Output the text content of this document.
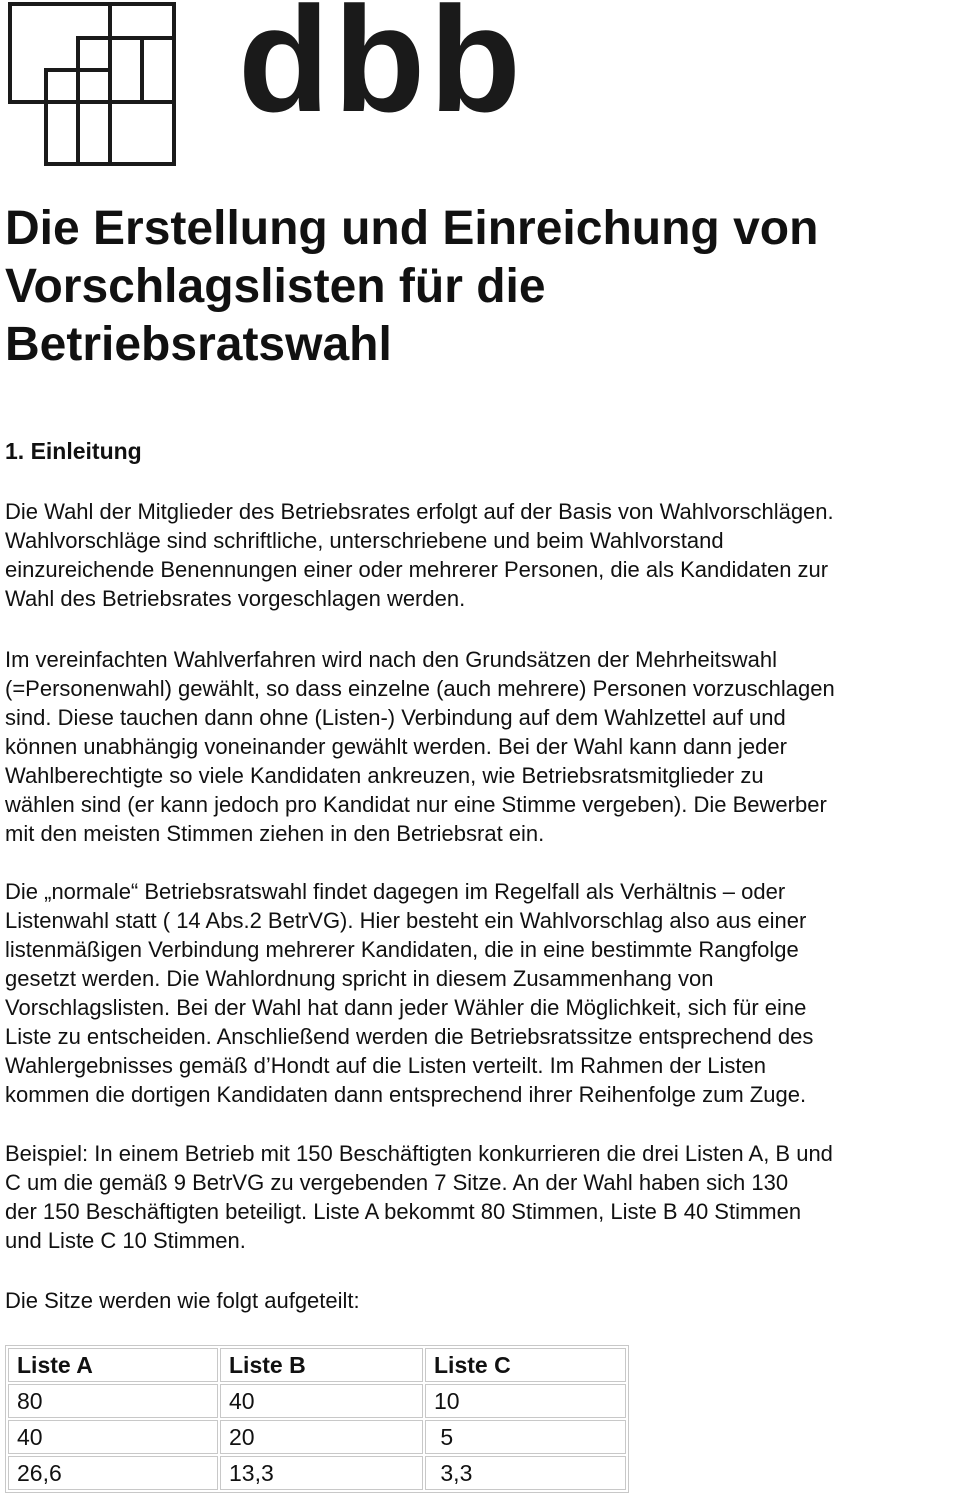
dbb
Die Erstellung und Einreichung von Vorschlagslisten für die Betriebsratswahl
1. Einleitung

Die Wahl der Mitglieder des Betriebsrates erfolgt auf der Basis von Wahlvorschlägen.
Wahlvorschläge sind schriftliche, unterschriebene und beim Wahlvorstand
einzureichende Benennungen einer oder mehrerer Personen, die als Kandidaten zur
Wahl des Betriebsrates vorgeschlagen werden.

Im vereinfachten Wahlverfahren wird nach den Grundsätzen der Mehrheitswahl
(=Personenwahl) gewählt, so dass einzelne (auch mehrere) Personen vorzuschlagen
sind. Diese tauchen dann ohne (Listen-) Verbindung auf dem Wahlzettel auf und
können unabhängig voneinander gewählt werden. Bei der Wahl kann dann jeder
Wahlberechtigte so viele Kandidaten ankreuzen, wie Betriebsratsmitglieder zu
wählen sind (er kann jedoch pro Kandidat nur eine Stimme vergeben). Die Bewerber
mit den meisten Stimmen ziehen in den Betriebsrat ein.

Die „normale“ Betriebsratswahl findet dagegen im Regelfall als Verhältnis – oder
Listenwahl statt ( 14 Abs.2 BetrVG). Hier besteht ein Wahlvorschlag also aus einer
listenmäßigen Verbindung mehrerer Kandidaten, die in eine bestimmte Rangfolge
gesetzt werden. Die Wahlordnung spricht in diesem Zusammenhang von
Vorschlagslisten. Bei der Wahl hat dann jeder Wähler die Möglichkeit, sich für eine
Liste zu entscheiden. Anschließend werden die Betriebsratssitze entsprechend des
Wahlergebnisses gemäß d’Hondt auf die Listen verteilt. Im Rahmen der Listen
kommen die dortigen Kandidaten dann entsprechend ihrer Reihenfolge zum Zuge.

Beispiel: In einem Betrieb mit 150 Beschäftigten konkurrieren die drei Listen A, B und
C um die gemäß 9 BetrVG zu vergebenden 7 Sitze. An der Wahl haben sich 130
der 150 Beschäftigten beteiligt. Liste A bekommt 80 Stimmen, Liste B 40 Stimmen
und Liste C 10 Stimmen.

Die Sitze werden wie folgt aufgeteilt:

Liste A	Liste B	Liste C
80	40	10
40	20	5
26,6	13,3	3,3
